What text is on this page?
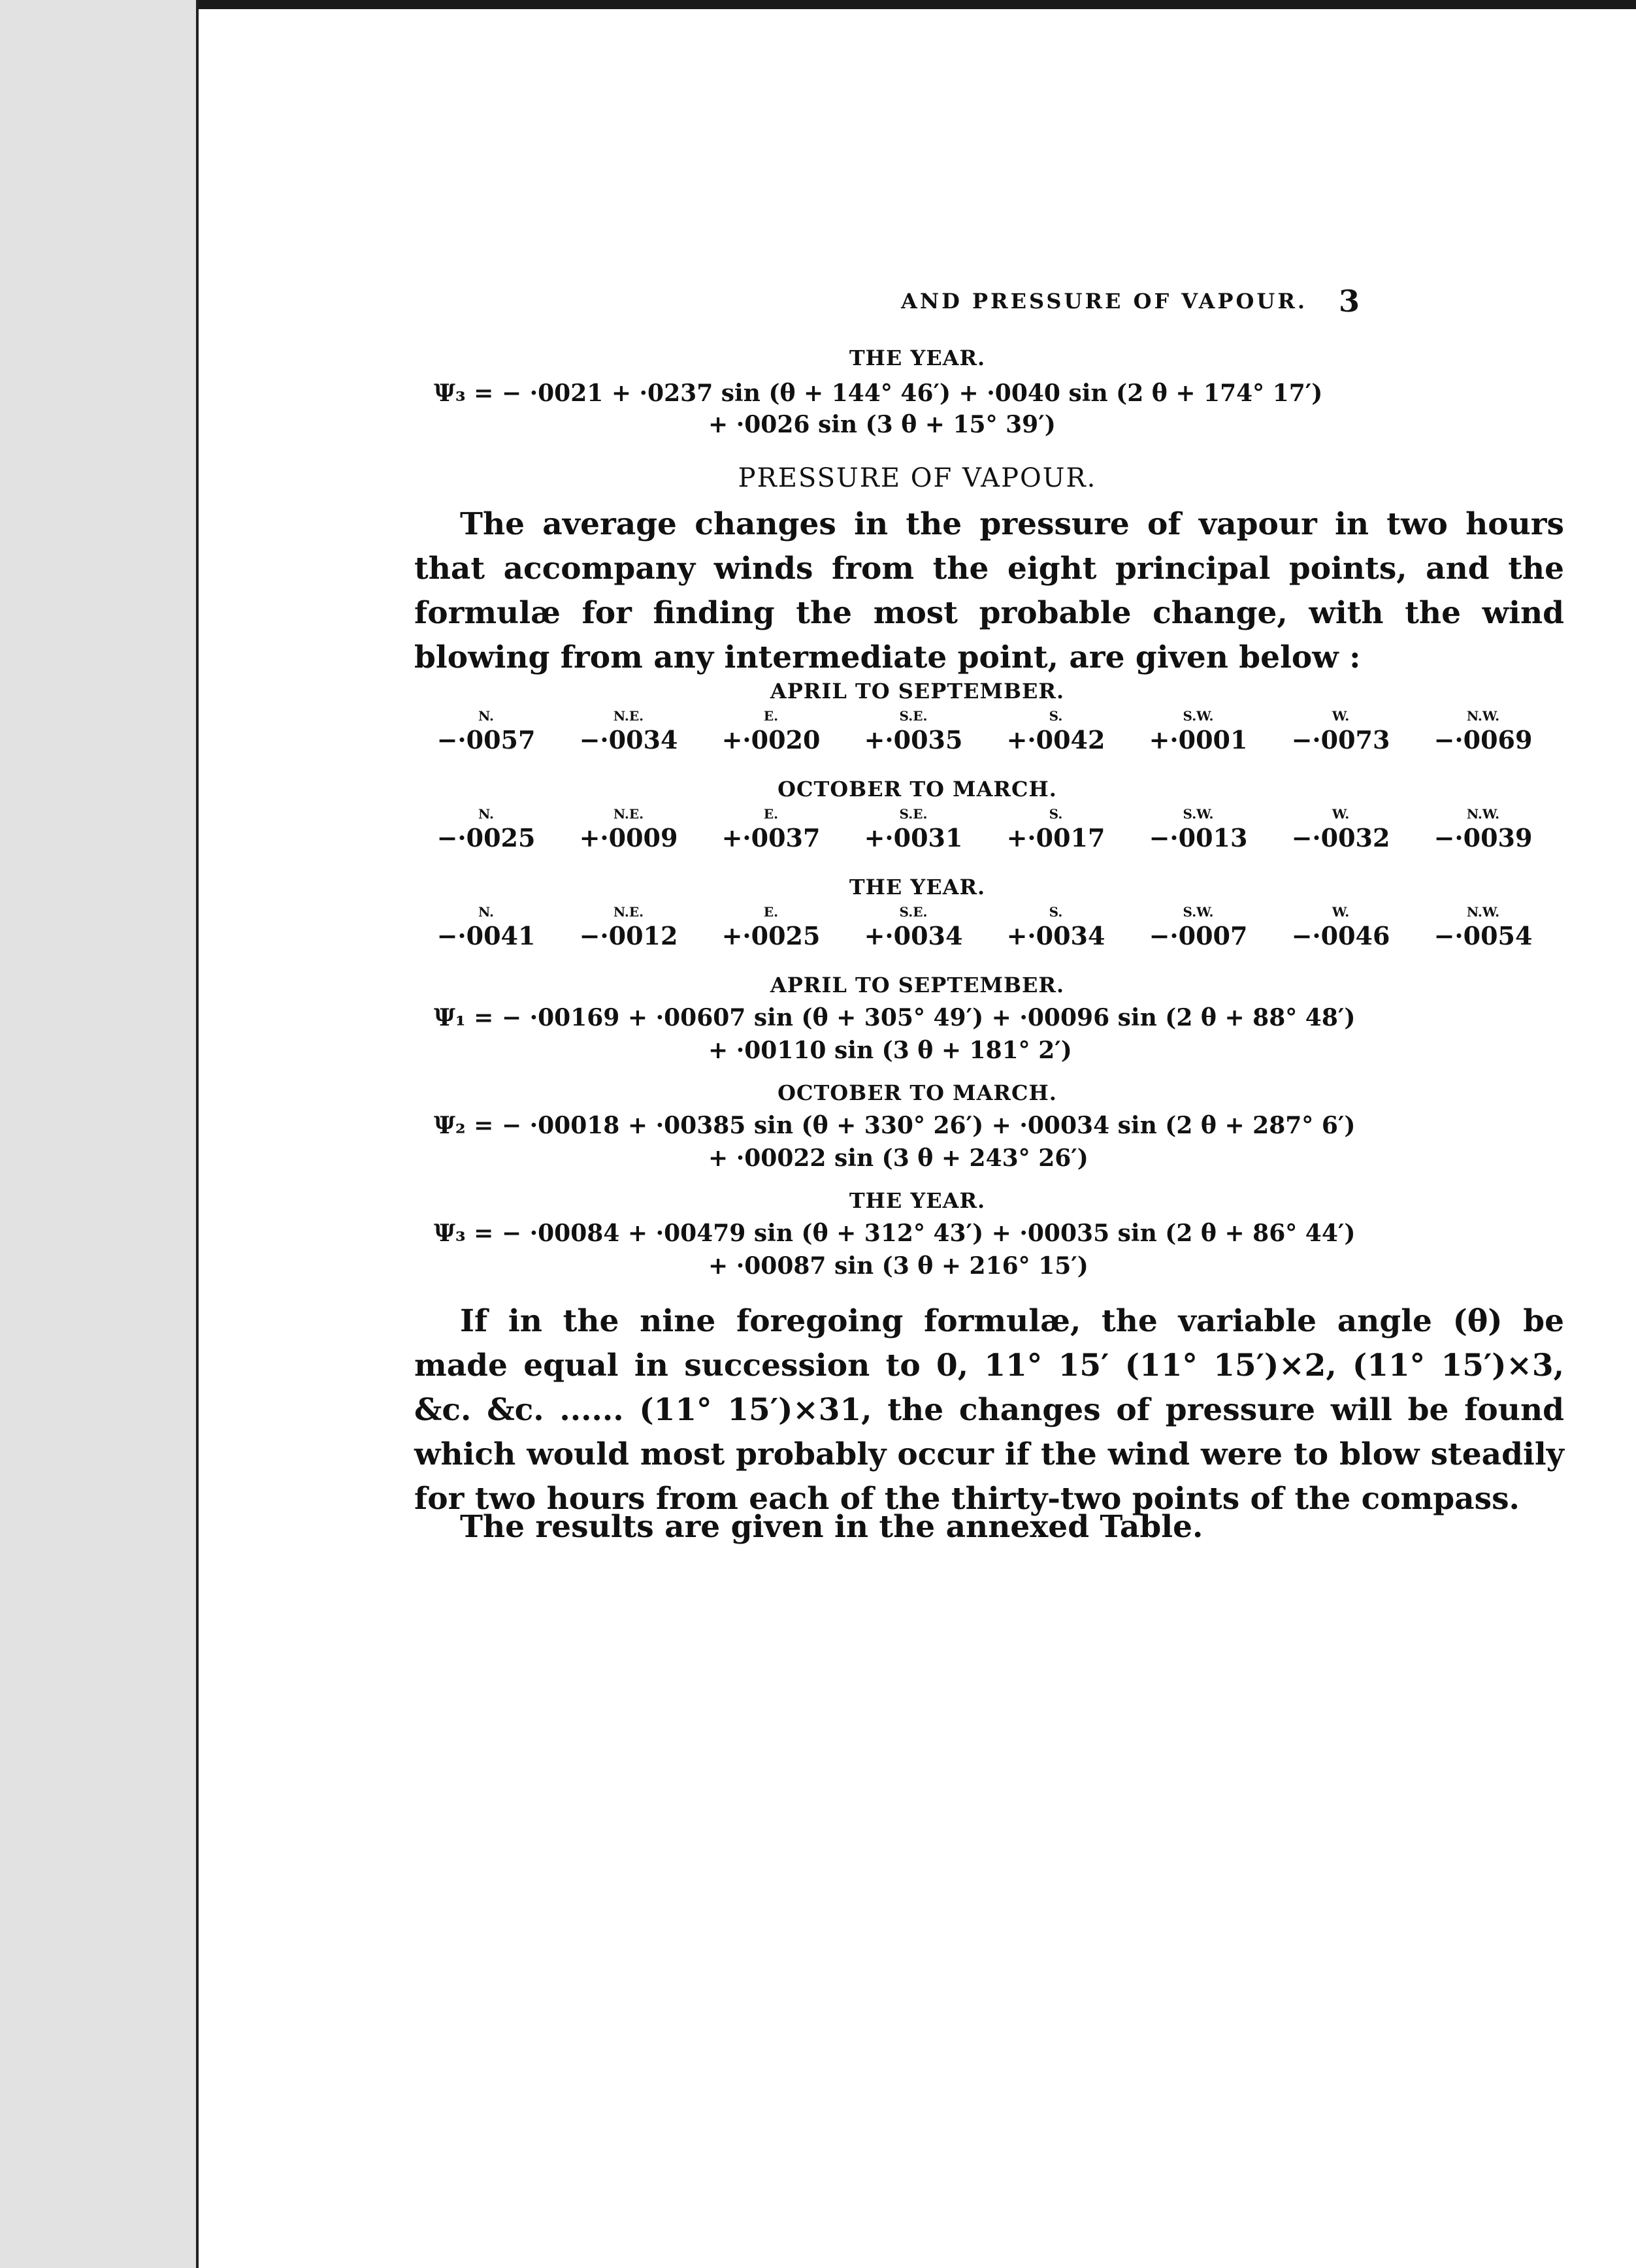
AND PRESSURE OF VAPOUR. 3
THE YEAR.
Ψ₃ = − ·0021 + ·0237 sin (θ + 144° 46′) + ·0040 sin (2 θ + 174° 17′)
+ ·0026 sin (3 θ + 15° 39′)
PRESSURE OF VAPOUR.
The average changes in the pressure of vapour in two hours that accompany winds from the eight principal points, and the formulæ for finding the most probable change, with the wind blowing from any intermediate point, are given below :
APRIL TO SEPTEMBER.
N.
−·0057
N.E.
−·0034
E.
+·0020
S.E.
+·0035
S.
+·0042
S.W.
+·0001
W.
−·0073
N.W.
−·0069
OCTOBER TO MARCH.
N.
−·0025
N.E.
+·0009
E.
+·0037
S.E.
+·0031
S.
+·0017
S.W.
−·0013
W.
−·0032
N.W.
−·0039
THE YEAR.
N.
−·0041
N.E.
−·0012
E.
+·0025
S.E.
+·0034
S.
+·0034
S.W.
−·0007
W.
−·0046
N.W.
−·0054
APRIL TO SEPTEMBER.
Ψ₁ = − ·00169 + ·00607 sin (θ + 305° 49′) + ·00096 sin (2 θ + 88° 48′)
+ ·00110 sin (3 θ + 181° 2′)
OCTOBER TO MARCH.
Ψ₂ = − ·00018 + ·00385 sin (θ + 330° 26′) + ·00034 sin (2 θ + 287° 6′)
+ ·00022 sin (3 θ + 243° 26′)
THE YEAR.
Ψ₃ = − ·00084 + ·00479 sin (θ + 312° 43′) + ·00035 sin (2 θ + 86° 44′)
+ ·00087 sin (3 θ + 216° 15′)
If in the nine foregoing formulæ, the variable angle (θ) be made equal in succession to 0, 11° 15′ (11° 15′)×2, (11° 15′)×3, &c. &c. ...... (11° 15′)×31, the changes of pressure will be found which would most probably occur if the wind were to blow steadily for two hours from each of the thirty-two points of the compass.
The results are given in the annexed Table.
